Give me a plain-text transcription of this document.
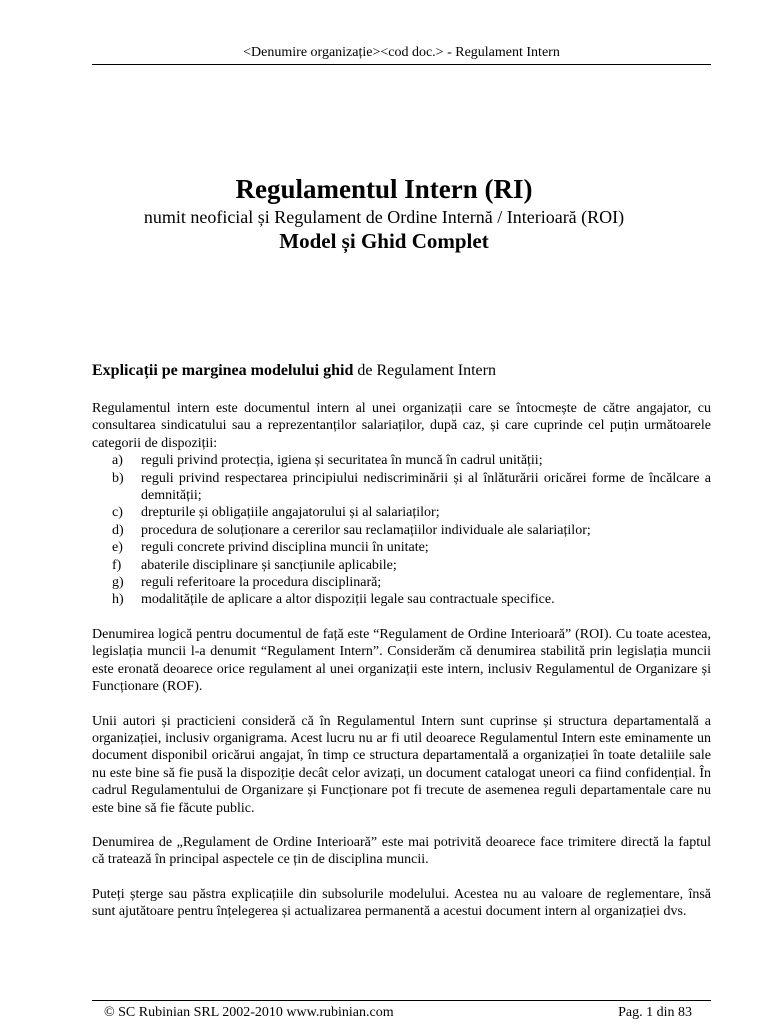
<Denumire organizație><cod doc.> - Regulament Intern
Regulamentul Intern (RI)
numit neoficial și Regulament de Ordine Internă / Interioară (ROI)
Model și Ghid Complet
Explicații pe marginea modelului ghid de Regulament Intern

Regulamentul intern este documentul intern al unei organizații care se întocmește de către angajator, cu consultarea sindicatului sau a reprezentanților salariaților, după caz, și care cuprinde cel puțin următoarele categorii de dispoziții:

a)	reguli privind protecția, igiena și securitatea în muncă în cadrul unității;
b)	reguli privind respectarea principiului nediscriminării și al înlăturării oricărei forme de încălcare a demnității;
c)	drepturile și obligațiile angajatorului și al salariaților;
d)	procedura de soluționare a cererilor sau reclamațiilor individuale ale salariaților;
e)	reguli concrete privind disciplina muncii în unitate;
f)	abaterile disciplinare și sancțiunile aplicabile;
g)	reguli referitoare la procedura disciplinară;
h)	modalitățile de aplicare a altor dispoziții legale sau contractuale specifice.

Denumirea logică pentru documentul de față este “Regulament de Ordine Interioară” (ROI). Cu toate acestea, legislația muncii l-a denumit “Regulament Intern”. Considerăm că denumirea stabilită prin legislația muncii este eronată deoarece orice regulament al unei organizații este intern, inclusiv Regulamentul de Organizare și Funcționare (ROF).

Unii autori și practicieni consideră că în Regulamentul Intern sunt cuprinse și structura departamentală a organizației, inclusiv organigrama. Acest lucru nu ar fi util deoarece Regulamentul Intern este eminamente un document disponibil oricărui angajat, în timp ce structura departamentală a organizației în toate detaliile sale nu este bine să fie pusă la dispoziție decât celor avizați, un document catalogat uneori ca fiind confidențial. În cadrul Regulamentului de Organizare și Funcționare pot fi trecute de asemenea reguli departamentale care nu este bine să fie făcute public.

Denumirea de „Regulament de Ordine Interioară” este mai potrivită deoarece face trimitere directă la faptul că tratează în principal aspectele ce țin de disciplina muncii.

Puteți șterge sau păstra explicațiile din subsolurile modelului. Acestea nu au valoare de reglementare, însă sunt ajutătoare pentru înțelegerea și actualizarea permanentă a acestui document intern al organizației dvs.

© SC Rubinian SRL 2002-2010 www.rubinian.com	Pag. 1 din 83
